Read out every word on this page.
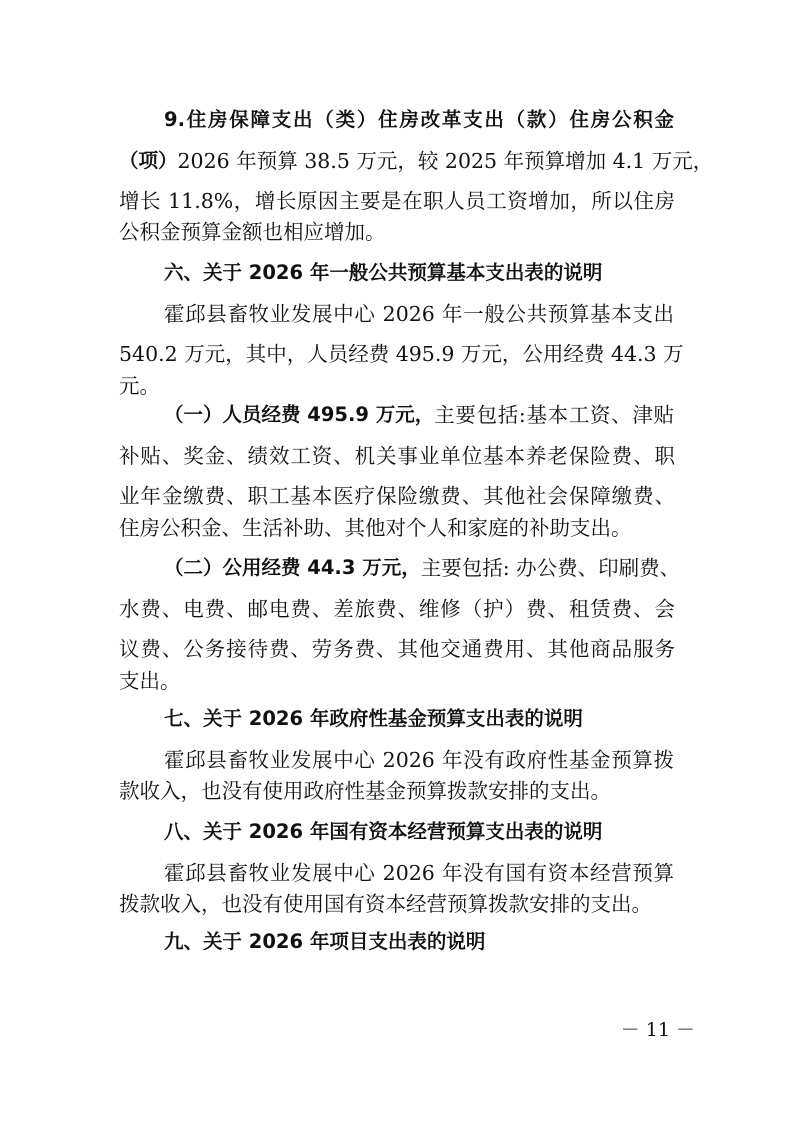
9.住房保障支出（类）住房改革支出（款）住房公积金
（项） 2026 年预算 38.5 万元，较 2025 年预算增加 4.1 万元，
增长 11.8%，增长原因主要是在职人员工资增加，所以住房
公积金预算金额也相应增加。
六、关于 2026 年一般公共预算基本支出表的说明
霍邱县畜牧业发展中心 2026 年一般公共预算基本支出
540.2 万元，其中，人员经费 495.9 万元，公用经费 44.3 万
元。
（一）人员经费 495.9 万元， 主要包括:基本工资、津贴
补贴、奖金、绩效工资、机关事业单位基本养老保险费、职
业年金缴费、职工基本医疗保险缴费、其他社会保障缴费、
住房公积金、生活补助、其他对个人和家庭的补助支出。
（二）公用经费 44.3 万元， 主要包括: 办公费、印刷费、
水费、电费、邮电费、差旅费、维修（护）费、租赁费、会
议费、公务接待费、劳务费、其他交通费用、其他商品服务
支出。
七、关于 2026 年政府性基金预算支出表的说明
霍邱县畜牧业发展中心 2026 年没有政府性基金预算拨
款收入，也没有使用政府性基金预算拨款安排的支出。
八、关于 2026 年国有资本经营预算支出表的说明
霍邱县畜牧业发展中心 2026 年没有国有资本经营预算
拨款收入，也没有使用国有资本经营预算拨款安排的支出。
九、关于 2026 年项目支出表的说明
－ 11 －
